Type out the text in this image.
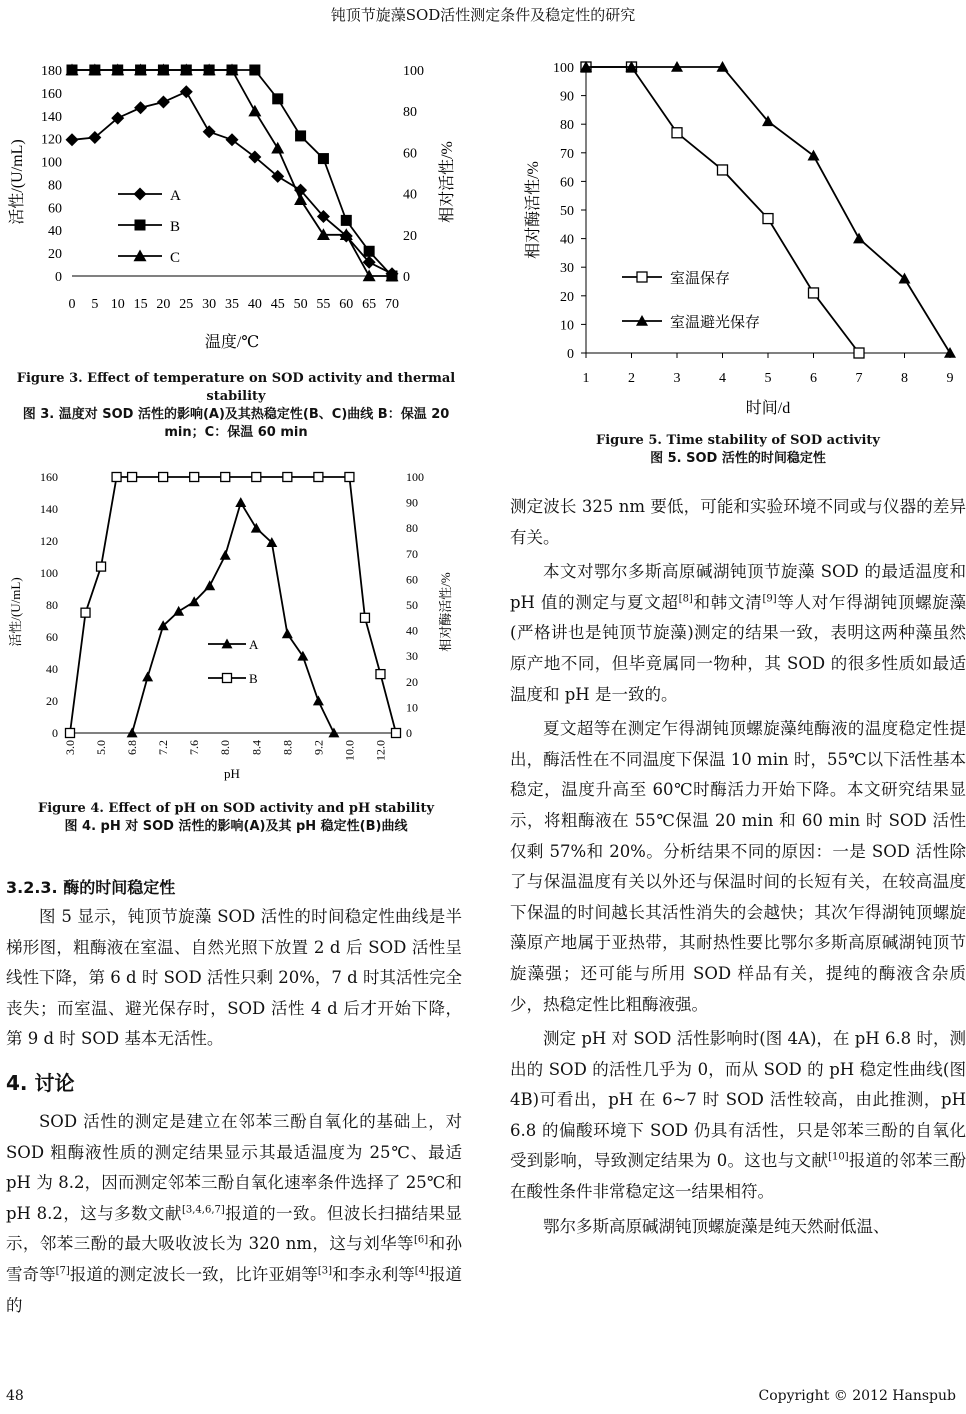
钝顶节旋藻SOD活性测定条件及稳定性的研究
活性/(U/mL)	相对活性/%
温度/℃
0
20
40
60
80
100
120
140
160
180
0
20
40
60
80
100
0 5 10 15 20 25 30 35 40 45 50 55 60 65 70
A
B
C
Figure 3. Effect of temperature on SOD activity and thermal stability
图 3. 温度对 SOD 活性的影响(A)及其热稳定性(B、C)曲线 B：保温 20 min；C：保温 60 min
活性/(U/mL)	相对酶活性/%
pH
0
20
40
60
80
100
120
140
160
0
10
20
30
40
50
60
70
80
90
100
3.0 5.0 6.8 7.2 7.6 8.0 8.4 8.8 9.2 10.0 12.0
A
B
Figure 4. Effect of pH on SOD activity and pH stability
图 4. pH 对 SOD 活性的影响(A)及其 pH 稳定性(B)曲线
相对酶活性/%
时间/d
0
10
20
30
40
50
60
70
80
90
100
1	2	3	4	5	6	7	8	9
室温保存
室温避光保存
Figure 5. Time stability of SOD activity
图 5. SOD 活性的时间稳定性
3.2.3. 酶的时间稳定性

图 5 显示，钝顶节旋藻 SOD 活性的时间稳定性曲线是半梯形图，粗酶液在室温、自然光照下放置 2 d 后 SOD 活性呈线性下降，第 6 d 时 SOD 活性只剩 20%，7 d 时其活性完全丧失；而室温、避光保存时，SOD 活性 4 d 后才开始下降，第 9 d 时 SOD 基本无活性。

4. 讨论

SOD 活性的测定是建立在邻苯三酚自氧化的基础上，对 SOD 粗酶液性质的测定结果显示其最适温度为 25℃、最适 pH 为 8.2，因而测定邻苯三酚自氧化速率条件选择了 25℃和 pH 8.2，这与多数文献[3,4,6,7]报道的一致。但波长扫描结果显示，邻苯三酚的最大吸收波长为 320 nm，这与刘华等[6]和孙雪奇等[7]报道的测定波长一致，比许亚娟等[3]和李永利等[4]报道的

测定波长 325 nm 要低，可能和实验环境不同或与仪器的差异有关。

本文对鄂尔多斯高原碱湖钝顶节旋藻 SOD 的最适温度和 pH 值的测定与夏文超[8]和韩文清[9]等人对乍得湖钝顶螺旋藻(严格讲也是钝顶节旋藻)测定的结果一致，表明这两种藻虽然原产地不同，但毕竟属同一物种，其 SOD 的很多性质如最适温度和 pH 是一致的。

夏文超等在测定乍得湖钝顶螺旋藻纯酶液的温度稳定性提出，酶活性在不同温度下保温 10 min 时，55℃以下活性基本稳定，温度升高至 60℃时酶活力开始下降。本文研究结果显示，将粗酶液在 55℃保温 20 min 和 60 min 时 SOD 活性仅剩 57%和 20%。分析结果不同的原因：一是 SOD 活性除了与保温温度有关以外还与保温时间的长短有关，在较高温度下保温的时间越长其活性消失的会越快；其次乍得湖钝顶螺旋藻原产地属于亚热带，其耐热性要比鄂尔多斯高原碱湖钝顶节旋藻强；还可能与所用 SOD 样品有关，提纯的酶液含杂质少，热稳定性比粗酶液强。

测定 pH 对 SOD 活性影响时(图 4A)，在 pH 6.8 时，测出的 SOD 的活性几乎为 0，而从 SOD 的 pH 稳定性曲线(图 4B)可看出，pH 在 6~7 时 SOD 活性较高，由此推测，pH 6.8 的偏酸环境下 SOD 仍具有活性，只是邻苯三酚的自氧化受到影响，导致测定结果为 0。这也与文献[10]报道的邻苯三酚在酸性条件非常稳定这一结果相符。

鄂尔多斯高原碱湖钝顶螺旋藻是纯天然耐低温、

48	Copyright © 2012 Hanspub
